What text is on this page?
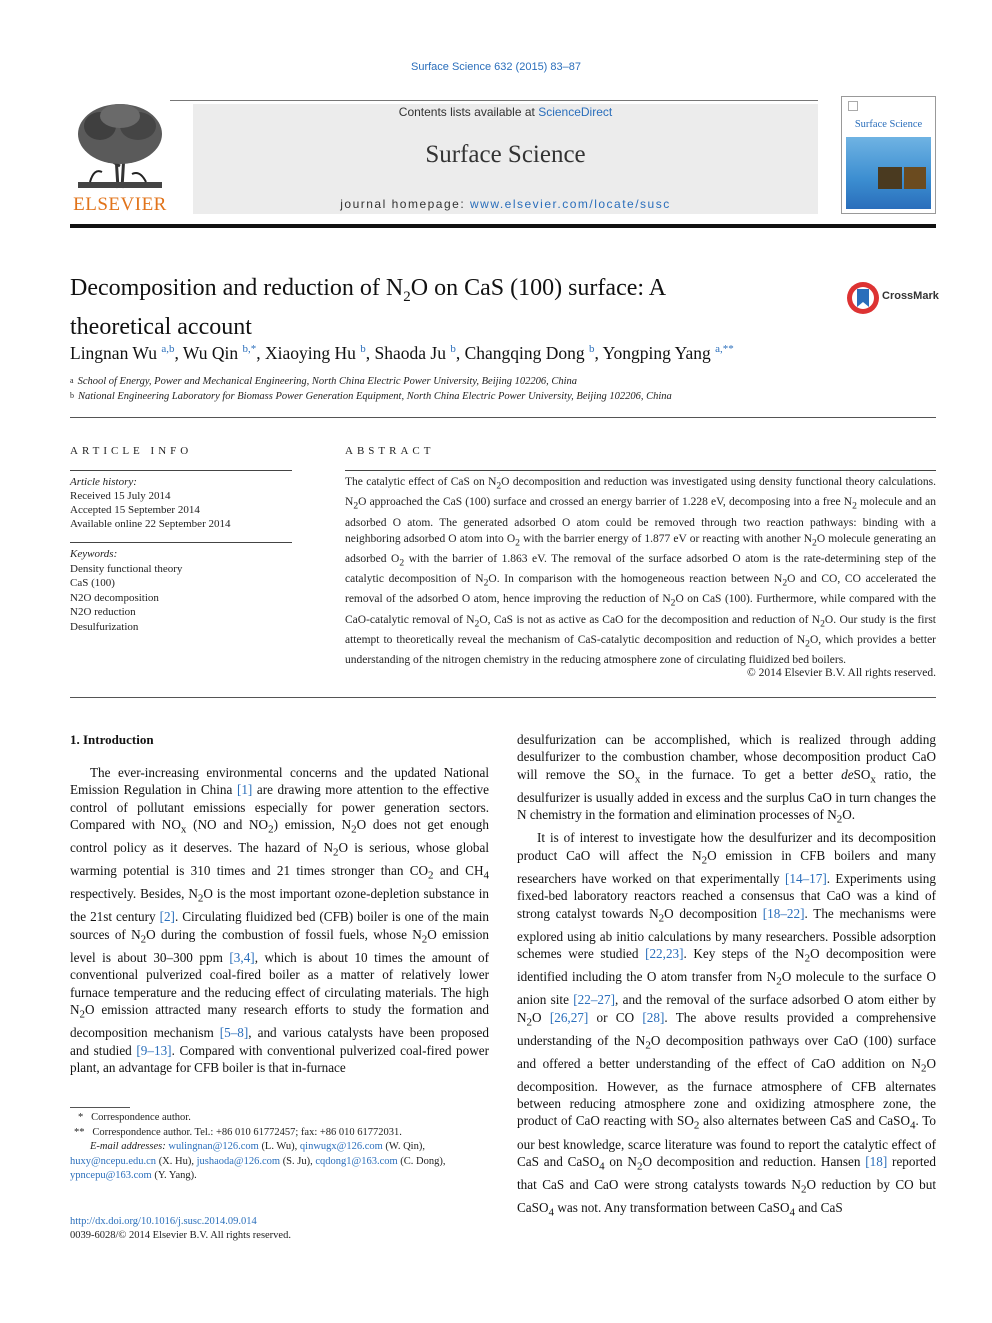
Surface Science 632 (2015) 83–87
ELSEVIER
Contents lists available at ScienceDirect
Surface Science
journal homepage: www.elsevier.com/locate/susc
Surface Science
Decomposition and reduction of $N_2O$ on CaS (100) surface: A theoretical account
CrossMark
Lingnan Wu $^{a,b}$, Wu Qin $^{b,*}$, Xiaoying Hu $^b$, Shaoda Ju $^b$, Changqing Dong $^b$, Yongping Yang $^{a,**}$
$^a$ School of Energy, Power and Mechanical Engineering, North China Electric Power University, Beijing 102206, China
$^b$ National Engineering Laboratory for Biomass Power Generation Equipment, North China Electric Power University, Beijing 102206, China
ARTICLE INFO
Article history:
Received 15 July 2014
Accepted 15 September 2014
Available online 22 September 2014
Keywords:
Density functional theory
CaS (100)
N2O decomposition
N2O reduction
Desulfurization
ABSTRACT
The catalytic effect of CaS on $N_2O$ decomposition and reduction was investigated using density functional theory calculations. $N_2O$ approached the CaS (100) surface and crossed an energy barrier of 1.228 eV, decomposing into a free $N_2$ molecule and an adsorbed O atom. The generated adsorbed O atom could be removed through two reaction pathways: binding with a neighboring adsorbed O atom into $O_2$ with the barrier energy of 1.877 eV or reacting with another $N_2O$ molecule generating an adsorbed $O_2$ with the barrier of 1.863 eV. The removal of the surface adsorbed O atom is the rate-determining step of the catalytic decomposition of $N_2O$. In comparison with the homogeneous reaction between $N_2O$ and CO, CO accelerated the removal of the adsorbed O atom, hence improving the reduction of $N_2O$ on CaS (100). Furthermore, while compared with the CaO-catalytic removal of $N_2O$, CaS is not as active as CaO for the decomposition and reduction of $N_2O$. Our study is the first attempt to theoretically reveal the mechanism of CaS-catalytic decomposition and reduction of $N_2O$, which provides a better understanding of the nitrogen chemistry in the reducing atmosphere zone of circulating fluidized bed boilers.
© 2014 Elsevier B.V. All rights reserved.
1. Introduction

The ever-increasing environmental concerns and the updated National Emission Regulation in China [1] are drawing more attention to the effective control of pollutant emissions especially for power generation sectors. Compared with $NO_x$ (NO and $NO_2$) emission, $N_2O$ does not get enough control policy as it deserves. The hazard of $N_2O$ is serious, whose global warming potential is 310 times and 21 times stronger than $CO_2$ and $CH_4$ respectively. Besides, $N_2O$ is the most important ozone-depletion substance in the 21st century [2]. Circulating fluidized bed (CFB) boiler is one of the main sources of $N_2O$ during the combustion of fossil fuels, whose $N_2O$ emission level is about 30–300 ppm [3,4], which is about 10 times the amount of conventional pulverized coal-fired boiler as a matter of relatively lower furnace temperature and the reducing effect of circulating materials. The high $N_2O$ emission attracted many research efforts to study the formation and decomposition mechanism [5–8], and various catalysts have been proposed and studied [9–13]. Compared with conventional pulverized coal-fired power plant, an advantage for CFB boiler is that in-furnace

desulfurization can be accomplished, which is realized through adding desulfurizer to the combustion chamber, whose decomposition product CaO will remove the $SO_x$ in the furnace. To get a better deSO$_x$ ratio, the desulfurizer is usually added in excess and the surplus CaO in turn changes the N chemistry in the formation and elimination processes of $N_2O$.

It is of interest to investigate how the desulfurizer and its decomposition product CaO will affect the $N_2O$ emission in CFB boilers and many researchers have worked on that experimentally [14–17]. Experiments using fixed-bed laboratory reactors reached a consensus that CaO was a kind of strong catalyst towards $N_2O$ decomposition [18–22]. The mechanisms were explored using ab initio calculations by many researchers. Possible adsorption schemes were studied [22,23]. Key steps of the $N_2O$ decomposition were identified including the O atom transfer from $N_2O$ molecule to the surface O anion site [22–27], and the removal of the surface adsorbed O atom either by $N_2O$ [26,27] or CO [28]. The above results provided a comprehensive understanding of the $N_2O$ decomposition pathways over CaO (100) surface and offered a better understanding of the effect of CaO addition on $N_2O$ decomposition. However, as the furnace atmosphere of CFB alternates between reducing atmosphere zone and oxidizing atmosphere zone, the product of CaO reacting with $SO_2$ also alternates between CaS and CaSO$_4$. To our best knowledge, scarce literature was found to report the catalytic effect of CaS and CaSO$_4$ on $N_2O$ decomposition and reduction. Hansen [18] reported that CaS and CaO were strong catalysts towards $N_2O$ reduction by CO but CaSO$_4$ was not. Any transformation between CaSO$_4$ and CaS

*   Correspondence author.
**   Correspondence author. Tel.: +86 010 61772457; fax: +86 010 61772031.
E-mail addresses: wulingnan@126.com (L. Wu), qinwugx@126.com (W. Qin),
huxy@ncepu.edu.cn (X. Hu), jushaoda@126.com (S. Ju), cqdong1@163.com (C. Dong),
ypncepu@163.com (Y. Yang).
http://dx.doi.org/10.1016/j.susc.2014.09.014
0039-6028/© 2014 Elsevier B.V. All rights reserved.
